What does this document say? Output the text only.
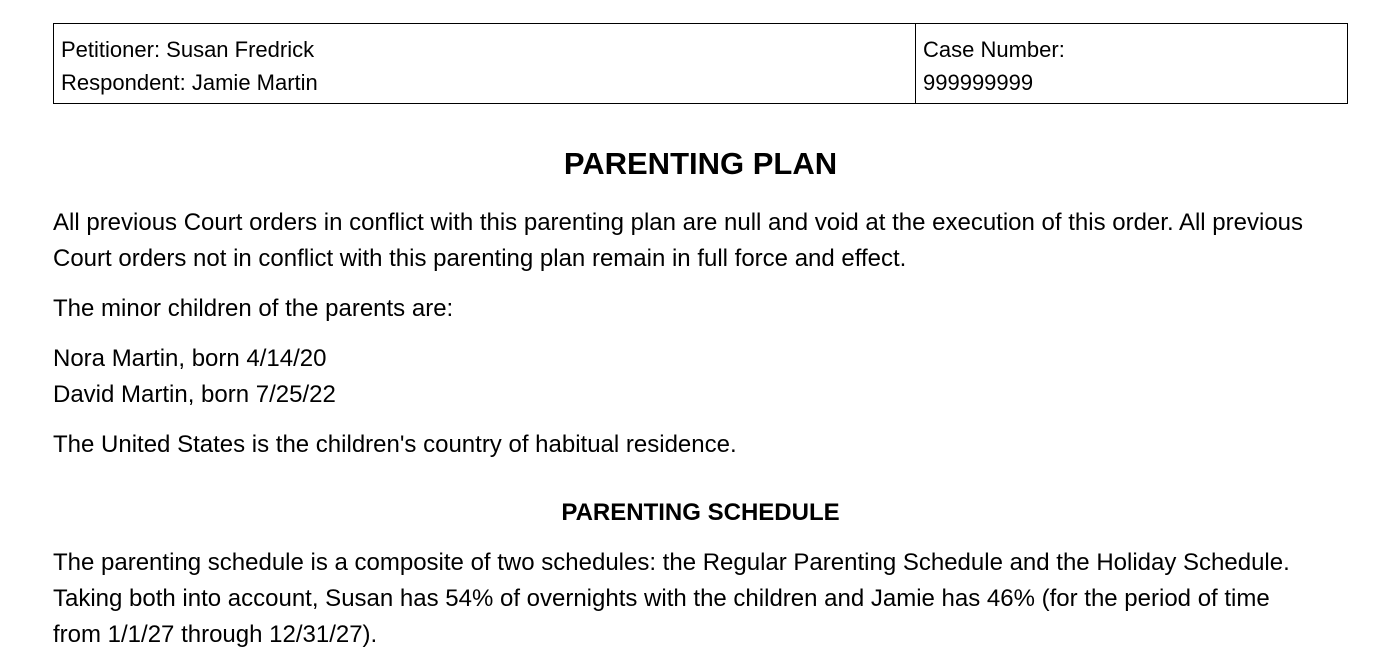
Petitioner: Susan Fredrick
Respondent: Jamie Martin
Case Number:
999999999
PARENTING PLAN
All previous Court orders in conflict with this parenting plan are null and void at the execution of this order. All previous Court orders not in conflict with this parenting plan remain in full force and effect.
The minor children of the parents are:
Nora Martin, born 4/14/20
David Martin, born 7/25/22
The United States is the children's country of habitual residence.
PARENTING SCHEDULE
The parenting schedule is a composite of two schedules: the Regular Parenting Schedule and the Holiday Schedule. Taking both into account, Susan has 54% of overnights with the children and Jamie has 46% (for the period of time from 1/1/27 through 12/31/27).
